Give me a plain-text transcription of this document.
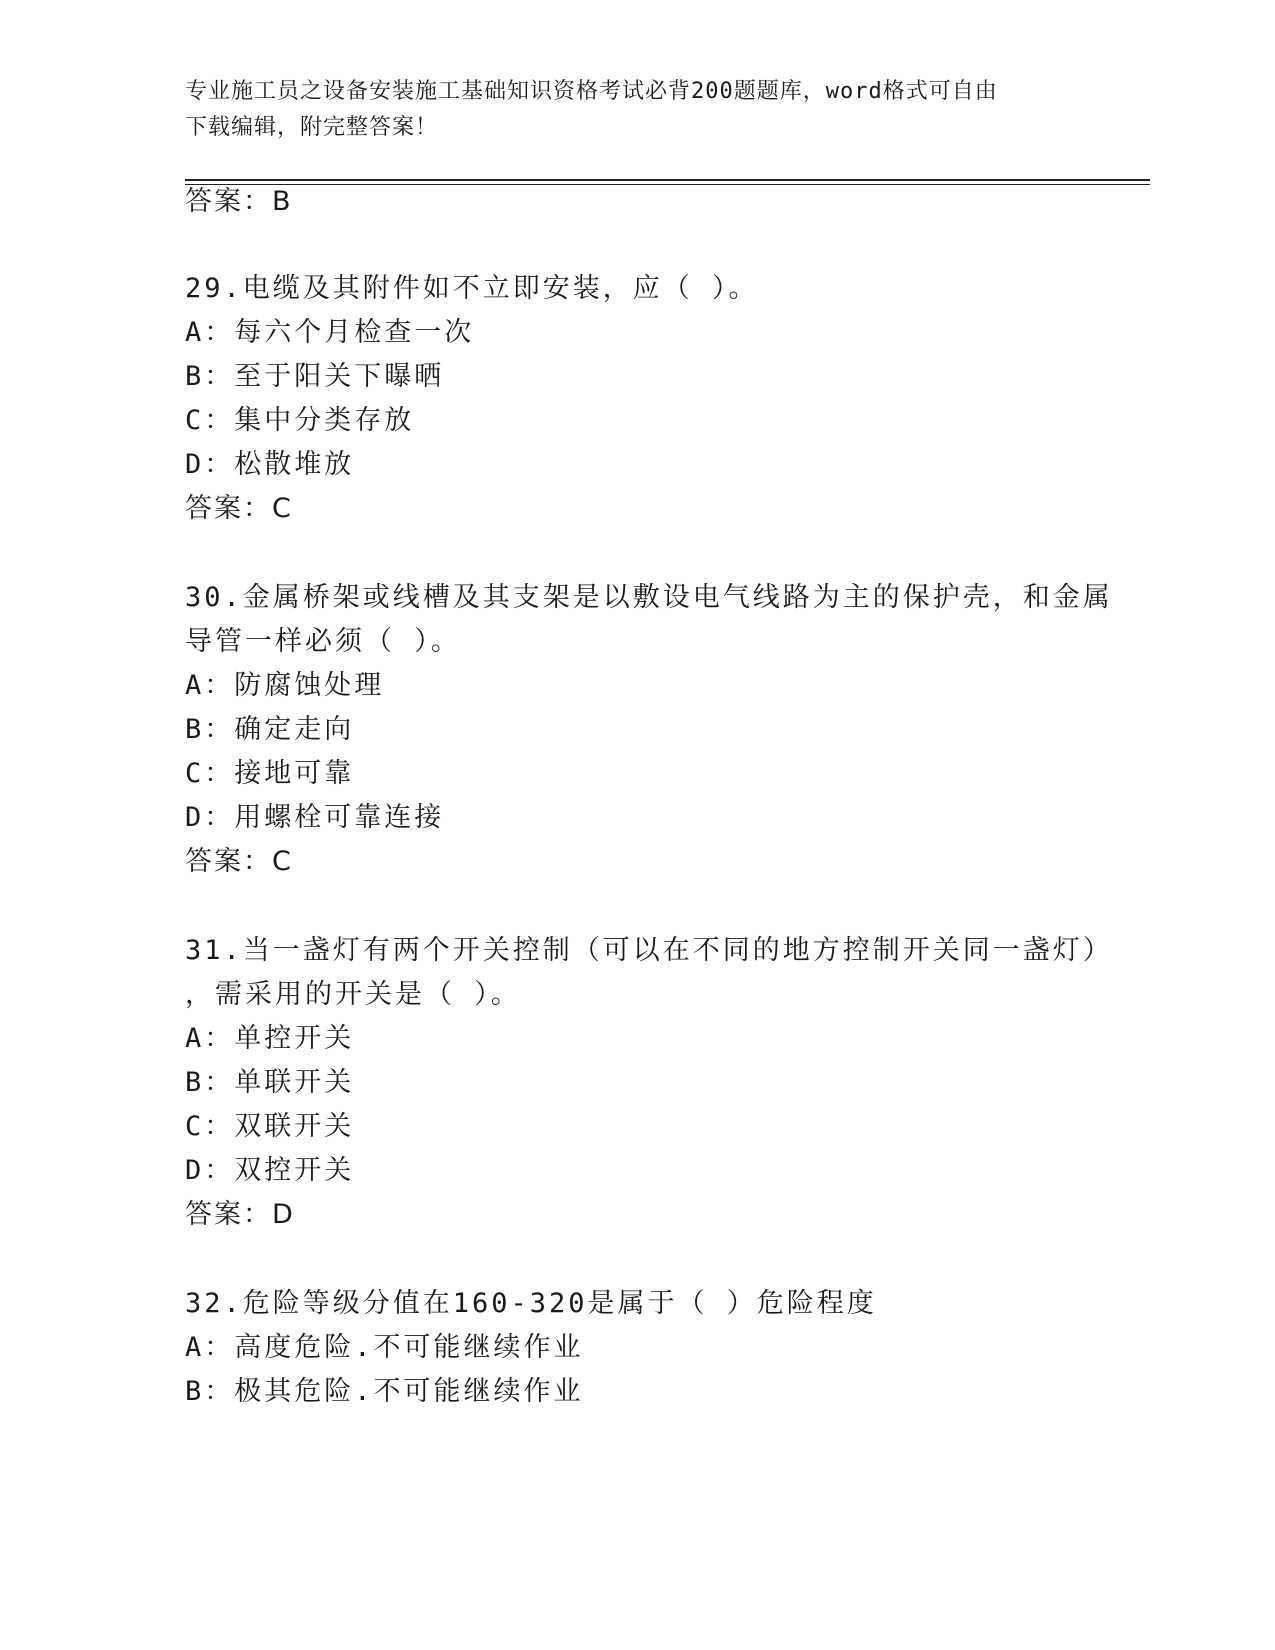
专业施工员之设备安装施工基础知识资格考试必背200题题库，word格式可自由
下载编辑，附完整答案！
答案：B
29.电缆及其附件如不立即安装，应（ ）。
A：每六个月检查一次
B：至于阳关下曝晒
C：集中分类存放
D：松散堆放
答案：C
30.金属桥架或线槽及其支架是以敷设电气线路为主的保护壳，和金属
导管一样必须（ ）。
A：防腐蚀处理
B：确定走向
C：接地可靠
D：用螺栓可靠连接
答案：C
31.当一盏灯有两个开关控制（可以在不同的地方控制开关同一盏灯）
，需采用的开关是（ ）。
A：单控开关
B：单联开关
C：双联开关
D：双控开关
答案：D
32.危险等级分值在160-320是属于（ ）危险程度
A：高度危险.不可能继续作业
B：极其危险.不可能继续作业
